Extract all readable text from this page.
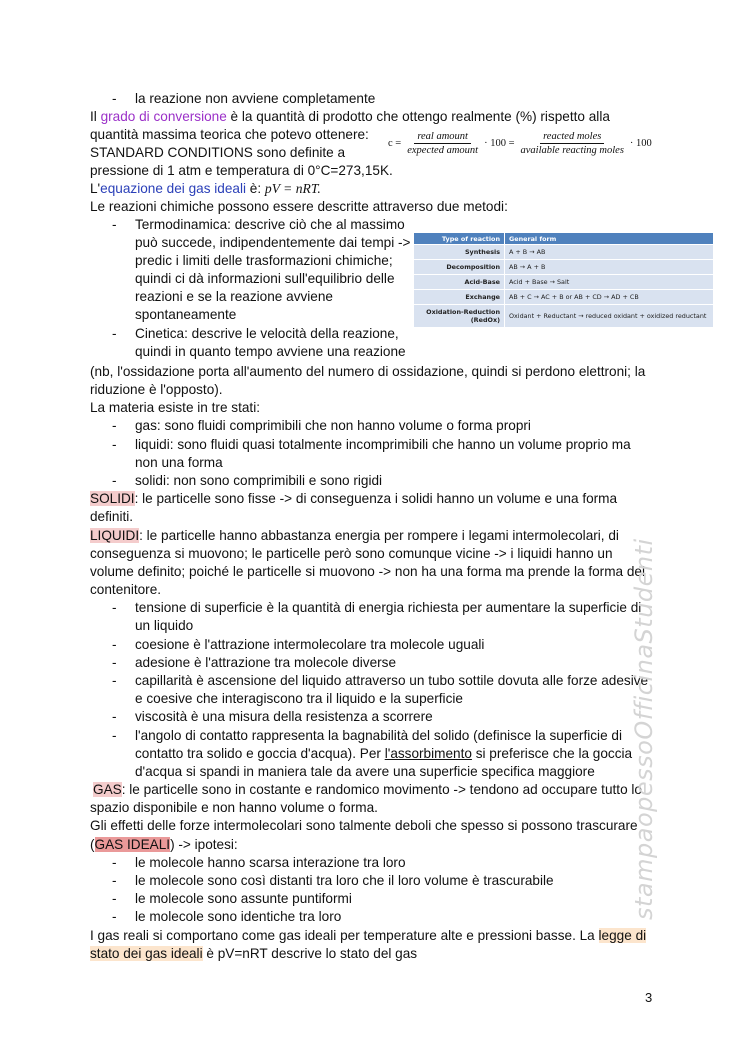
- la reazione non avviene completamente
Il grado di conversione è la quantità di prodotto che ottengo realmente (%) rispetto alla
quantità massima teorica che potevo ottenere:
STANDARD CONDITIONS sono definite a
pressione di 1 atm e temperatura di 0°C=273,15K.
L'equazione dei gas ideali è: pV = nRT.
Le reazioni chimiche possono essere descritte attraverso due metodi:
$c = \frac{\text{real amount}}{\text{expected amount}} \cdot 100 = \frac{\text{reacted moles}}{\text{available reacting moles}} \cdot 100$
- Termodinamica: descrive ciò che al massimo
può succede, indipendentemente dai tempi ->
predic i limiti delle trasformazioni chimiche;
quindi ci dà informazioni sull'equilibrio delle
reazioni e se la reazione avviene
spontaneamente
- Cinetica: descrive le velocità della reazione,
quindi in quanto tempo avviene una reazione
Type of reaction	General form
Synthesis	A + B → AB
Decomposition	AB → A + B
Acid-Base	Acid + Base → Salt
Exchange	AB + C → AC + B or AB + CD → AD + CB
Oxidation-Reduction (RedOx)	Oxidant + Reductant → reduced oxidant + oxidized reductant
(nb, l'ossidazione porta all'aumento del numero di ossidazione, quindi si perdono elettroni; la
riduzione è l'opposto).
La materia esiste in tre stati:
- gas: sono fluidi comprimibili che non hanno volume o forma propri
- liquidi: sono fluidi quasi totalmente incomprimibili che hanno un volume proprio ma
non una forma
- solidi: non sono comprimibili e sono rigidi
SOLIDI: le particelle sono fisse -> di conseguenza i solidi hanno un volume e una forma
definiti.
LIQUIDI: le particelle hanno abbastanza energia per rompere i legami intermolecolari, di
conseguenza si muovono; le particelle però sono comunque vicine -> i liquidi hanno un
volume definito; poiché le particelle si muovono -> non ha una forma ma prende la forma del
contenitore.
- tensione di superficie è la quantità di energia richiesta per aumentare la superficie di
un liquido
- coesione è l'attrazione intermolecolare tra molecole uguali
- adesione è l'attrazione tra molecole diverse
- capillarità è ascensione del liquido attraverso un tubo sottile dovuta alle forze adesive
e coesive che interagiscono tra il liquido e la superficie
- viscosità è una misura della resistenza a scorrere
- l'angolo di contatto rappresenta la bagnabilità del solido (definisce la superficie di
contatto tra solido e goccia d'acqua). Per l'assorbimento si preferisce che la goccia
d'acqua si spandi in maniera tale da avere una superficie specifica maggiore
GAS: le particelle sono in costante e randomico movimento -> tendono ad occupare tutto lo
spazio disponibile e non hanno volume o forma.
Gli effetti delle forze intermolecolari sono talmente deboli che spesso si possono trascurare
(GAS IDEALI) -> ipotesi:
- le molecole hanno scarsa interazione tra loro
- le molecole sono così distanti tra loro che il loro volume è trascurabile
- le molecole sono assunte puntiformi
- le molecole sono identiche tra loro
I gas reali si comportano come gas ideali per temperature alte e pressioni basse. La legge di
stato dei gas ideali è pV=nRT descrive lo stato del gas
stampaopessoOfficinaStudenti
3
